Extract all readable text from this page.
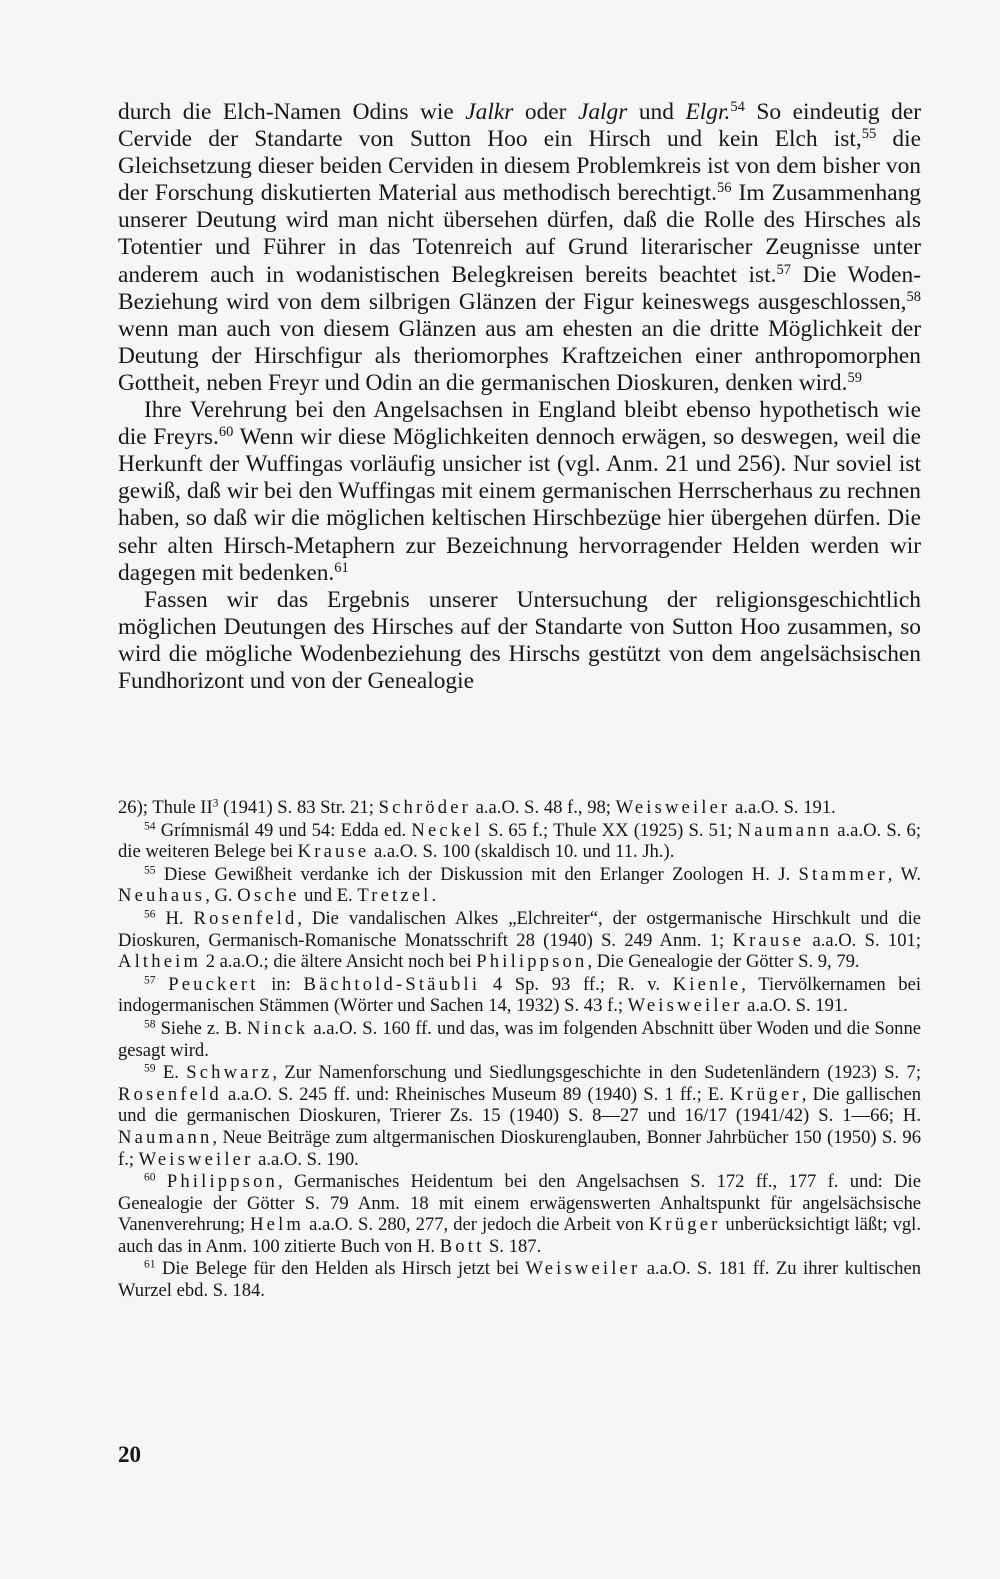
durch die Elch-Namen Odins wie Jalkr oder Jalgr und Elgr.$^{54}$ So eindeutig der Cervide der Standarte von Sutton Hoo ein Hirsch und kein Elch ist,$^{55}$ die Gleichsetzung dieser beiden Cerviden in diesem Problemkreis ist von dem bisher von der Forschung diskutierten Material aus methodisch berechtigt.$^{56}$ Im Zusammenhang unserer Deutung wird man nicht übersehen dürfen, daß die Rolle des Hirsches als Totentier und Führer in das Totenreich auf Grund literarischer Zeugnisse unter anderem auch in wodanistischen Belegkreisen bereits beachtet ist.$^{57}$ Die Woden-Beziehung wird von dem silbrigen Glänzen der Figur keineswegs ausgeschlossen,$^{58}$ wenn man auch von diesem Glänzen aus am ehesten an die dritte Möglichkeit der Deutung der Hirschfigur als theriomorphes Kraftzeichen einer anthropomorphen Gottheit, neben Freyr und Odin an die germanischen Dioskuren, denken wird.$^{59}$

Ihre Verehrung bei den Angelsachsen in England bleibt ebenso hypothetisch wie die Freyrs.$^{60}$ Wenn wir diese Möglichkeiten dennoch erwägen, so deswegen, weil die Herkunft der Wuffingas vorläufig unsicher ist (vgl. Anm. 21 und 256). Nur soviel ist gewiß, daß wir bei den Wuffingas mit einem germanischen Herrscherhaus zu rechnen haben, so daß wir die möglichen keltischen Hirschbezüge hier übergehen dürfen. Die sehr alten Hirsch-Metaphern zur Bezeichnung hervorragender Helden werden wir dagegen mit bedenken.$^{61}$

Fassen wir das Ergebnis unserer Untersuchung der religionsgeschichtlich möglichen Deutungen des Hirsches auf der Standarte von Sutton Hoo zusammen, so wird die mögliche Wodenbeziehung des Hirschs gestützt von dem angelsächsischen Fundhorizont und von der Genealogie

26); Thule $II^3$ (1941) S. 83 Str. 21; Schröder a.a.O. S. 48 f., 98; Weisweiler a.a.O. S. 191.

$^{54}$ Grímnismál 49 und 54: Edda ed. Neckel S. 65 f.; Thule XX (1925) S. 51; Naumann a.a.O. S. 6; die weiteren Belege bei Krause a.a.O. S. 100 (skaldisch 10. und 11. Jh.).

$^{55}$ Diese Gewißheit verdanke ich der Diskussion mit den Erlanger Zoologen H. J. Stammer, W. Neuhaus, G. Osche und E. Tretzel.

$^{56}$ H. Rosenfeld, Die vandalischen Alkes „Elchreiter“, der ostgermanische Hirschkult und die Dioskuren, Germanisch-Romanische Monatsschrift 28 (1940) S. 249 Anm. 1; Krause a.a.O. S. 101; Altheim 2 a.a.O.; die ältere Ansicht noch bei Philippson, Die Genealogie der Götter S. 9, 79.

$^{57}$ Peuckert in: Bächtold-Stäubli 4 Sp. 93 ff.; R. v. Kienle, Tiervölkernamen bei indogermanischen Stämmen (Wörter und Sachen 14, 1932) S. 43 f.; Weisweiler a.a.O. S. 191.

$^{58}$ Siehe z. B. Ninck a.a.O. S. 160 ff. und das, was im folgenden Abschnitt über Woden und die Sonne gesagt wird.

$^{59}$ E. Schwarz, Zur Namenforschung und Siedlungsgeschichte in den Sudetenländern (1923) S. 7; Rosenfeld a.a.O. S. 245 ff. und: Rheinisches Museum 89 (1940) S. 1 ff.; E. Krüger, Die gallischen und die germanischen Dioskuren, Trierer Zs. 15 (1940) S. 8—27 und 16/17 (1941/42) S. 1—66; H. Naumann, Neue Beiträge zum altgermanischen Dioskurenglauben, Bonner Jahrbücher 150 (1950) S. 96 f.; Weisweiler a.a.O. S. 190.

$^{60}$ Philippson, Germanisches Heidentum bei den Angelsachsen S. 172 ff., 177 f. und: Die Genealogie der Götter S. 79 Anm. 18 mit einem erwägenswerten Anhaltspunkt für angelsächsische Vanenverehrung; Helm a.a.O. S. 280, 277, der jedoch die Arbeit von Krüger unberücksichtigt läßt; vgl. auch das in Anm. 100 zitierte Buch von H. Bott S. 187.

$^{61}$ Die Belege für den Helden als Hirsch jetzt bei Weisweiler a.a.O. S. 181 ff. Zu ihrer kultischen Wurzel ebd. S. 184.

20
